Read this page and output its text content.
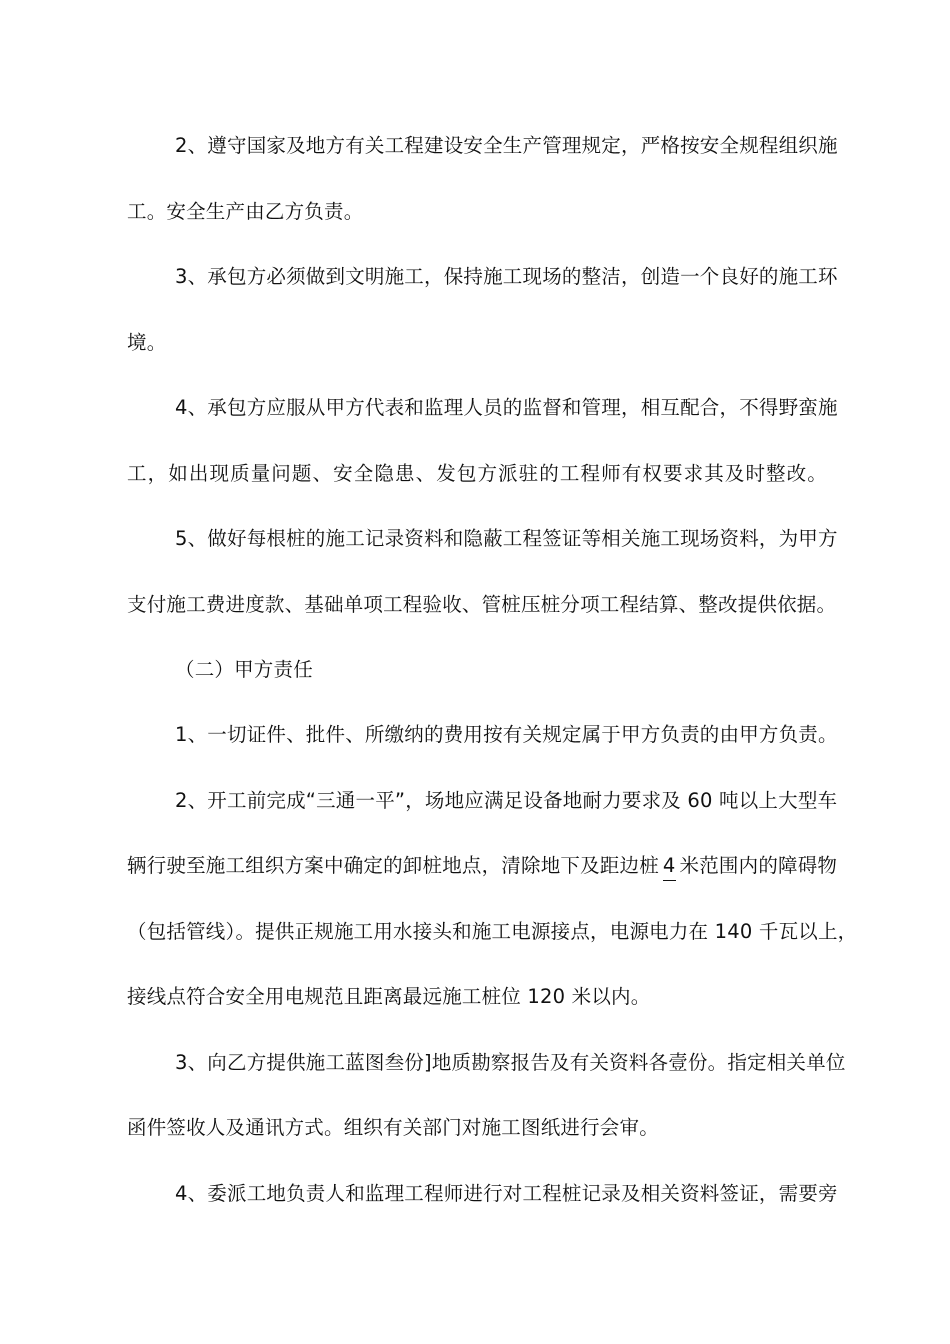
2、遵守国家及地方有关工程建设安全生产管理规定，严格按安全规程组织施
工。安全生产由乙方负责。
3、承包方必须做到文明施工，保持施工现场的整洁，创造一个良好的施工环
境。
4、承包方应服从甲方代表和监理人员的监督和管理，相互配合，不得野蛮施
工，如出现质量问题、安全隐患、发包方派驻的工程师有权要求其及时整改。
5、做好每根桩的施工记录资料和隐蔽工程签证等相关施工现场资料，为甲方
支付施工费进度款、基础单项工程验收、管桩压桩分项工程结算、整改提供依据。
（二）甲方责任
1、一切证件、批件、所缴纳的费用按有关规定属于甲方负责的由甲方负责。
2、开工前完成“三通一平”，场地应满足设备地耐力要求及 60 吨以上大型车
辆行驶至施工组织方案中确定的卸桩地点，清除地下及距边桩 4 米范围内的障碍物
（包括管线）。提供正规施工用水接头和施工电源接点，电源电力在 140 千瓦以上，
接线点符合安全用电规范且距离最远施工桩位 120 米以内。
3、向乙方提供施工蓝图叁份]地质勘察报告及有关资料各壹份。指定相关单位
函件签收人及通讯方式。组织有关部门对施工图纸进行会审。
4、委派工地负责人和监理工程师进行对工程桩记录及相关资料签证，需要旁
